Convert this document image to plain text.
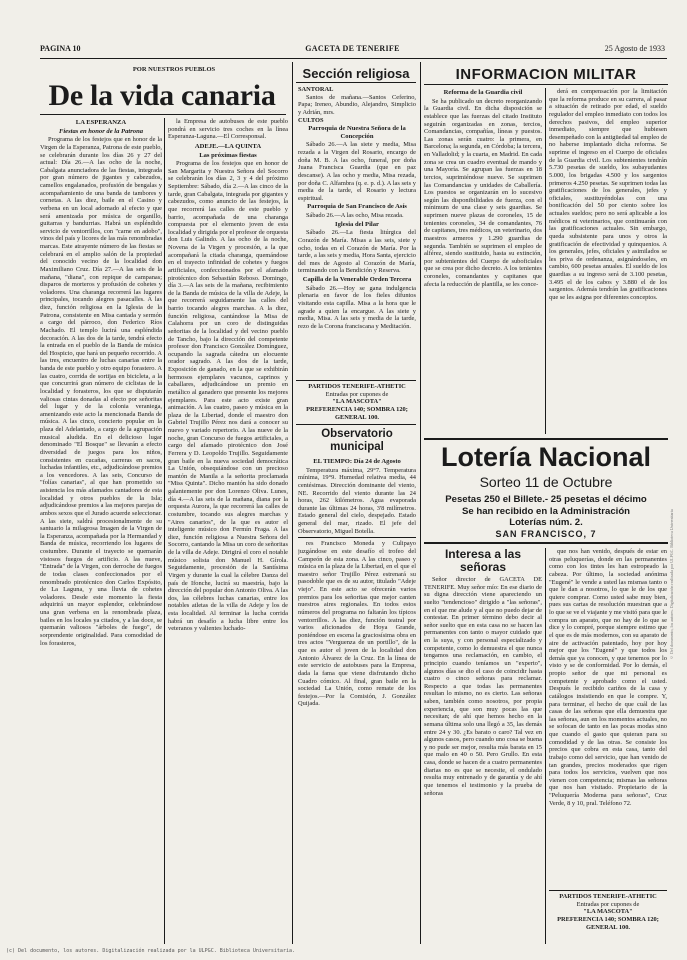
PAGINA 10	GACETA DE TENERIFE	25 Agosto de 1933
POR NUESTROS PUEBLOS
De la vida canaria
LA ESPERANZA
Fiestas en honor de la Patrona

Programa de los festejos que en honor de la Virgen de la Esperanza, Patrona de este pueblo, se celebrarán durante los días 26 y 27 del actual: Día 26.—A las ocho de la noche, Cabalgata anunciadora de las fiestas, integrada por gran número de jigantes y cabezudos, camellos engalanados, profusión de bengalas y acompañamiento de una banda de tambores y cornetas. A las diez, baile en el Casino y verbena en un local adornado al efecto y que será amenizada por música de organillo, guitarras y bandurrias. Habrá un espléndido servicio de ventorrillos, con "carne en adobo", vinos del país y licores de las más renombradas marcas. Este atrayente número de las fiestas se celebrará en el amplio salón de la propiedad del conocido vecino de la localidad don Maximiliano Cruz. Día 27.—A las seis de la mañana, "diana", con repique de campanas; disparos de morteros y profusión de cohetes y voladores. Una charanga recorrerá las lugares principales, tocando alegres pasacalles. A las diez, función religiosa en la Iglesia de la Patrona, consistente en Misa cantada y sermón a cargo del párroco, don Federico Ríos Machado. El templo lucirá una espléndida decoración. A las dos de la tarde, tendrá efecto la entrada en el pueblo de la Banda de música del Hospicio, que hará un pequeño recorrido. A las tres, encuentro de luchas canarias entre la banda de este pueblo y otro equipo forastero. A las cuatro, corrida de sortijas en bicicleta, a la que concurrirá gran número de ciclistas de la localidad y forasteros, los que se disputarán valiosas cintas donadas al efecto por señoritas del lugar y de la colonia veraniega, amenizando este acto la mencionada Banda de música. A las cinco, concierto popular en la plaza del Adelantado, a cargo de la agrupación musical aludida. En el delicioso lugar denominado "El Bosque" se llevarán a efecto diversidad de juegos para los niños, consistentes en cucañas, carreras en sacos, luchadas infantiles, etc., adjudicándose premios a los vencedores. A las seis, Concurso de "folías canarias", al que han prometido su asistencia los más afamados cantadores de esta localidad y otros pueblos de la Isla; adjudicándose premios a las mejores parejas de ambos sexos que el Jurado acuerde seleccionar. A las siete, saldrá procesionalmente de su santuario la milagrosa Imagen de la Virgen de la Esperanza, acompañada por la Hermandad y Banda de música, recorriendo los lugares de costumbre. Durante el trayecto se quemarán vistosos fuegos de artificio. A las nueve, "Entrada" de la Virgen, con derroche de fuegos de todas clases confeccionados por el renombrado pirotécnico don Carlos Expósito, de La Laguna, y una lluvia de cohetes voladores. Desde este momento la fiesta adquirirá un mayor esplendor, celebrándose una gran verbena en la renombrada plaza, bailes en los locales ya citados, y a las doce, se quemarán valiosos "árboles de fuego", de sorprendente originalidad. Para comodidad de los forasteros,

la Empresa de autobuses de este pueblo pondrá en servicio tres coches en la línea Esperanza-Laguna.—El Corresponsal.

ADEJE.—LA QUINTA
Las próximas fiestas

Programa de los festejos que en honor de San Margarita y Nuestra Señora del Socorro se celebrarán los días 2, 3 y 4 del próximo Septiembre: Sábado, día 2.—A las cinco de la tarde, gran Cabalgata, integrada por gigantes y cabezudos, como anuncio de las festejos, la que recorrerá las calles de este pueblo y barrio, acompañada de una charanga compuesta por el elemento joven de esta localidad y dirigida por el profesor de orquesta don Luis Galindo. A las ocho de la noche, Novena de la Virgen y procesión, a la que acompañará la citada charanga, quemándose en el trayecto infinidad de cohetes y fuegos artificiales, confeccionados por el afamado pirotécnico don Sebastián Reboso. Domingo, día 3.—A las seis de la mañana, recibimiento de la Banda de música de la villa de Adeje, la que recorrerá seguidamente las calles del barrio tocando alegres marchas. A la diez, función religiosa, cantándose la Misa de Calahorra por un coro de distinguidas señoritas de la localidad y del vecino pueblo de Tancho, bajo la dirección del competente profesor don Francisco González Domínguez, ocupando la sagrada cátedra un elocuente orador sagrado. A las dos de la tarde, Exposición de ganado, en la que se exhibirán hermosos ejemplares vacunos, caprinos y caballares, adjudicándose un premio en metálico al ganadero que presente los mejores ejemplares. Para este acto existe gran animación. A las cuatro, paseo y música en la plaza de la Libertad, donde el maestro don Gabriel Trujillo Pérez nos dará a conocer su nuevo y variado repertorio. A las nueve de la noche, gran Concurso de fuegos artificiales, a cargo del afamado pirotécnico don José Ferrera y D. Leopoldo Trujillo. Seguidamente gran baile en la nueva sociedad democrática La Unión, obsequiándose con un precioso mantón de Manila a la señorita proclamada "Miss Quinta". Dicho mantón ha sido donado galantemente por don Lorenzo Oliva. Lunes, día 4.—A las seis de la mañana, diana por la orquesta Aurora, la que recorrerá las calles de costumbre, tocando sus alegres marchas y "Aires canarios", de la que es autor el inteligente músico don Fermín Fraga. A las diez, función religiosa a Nuestra Señora del Socorro, cantando la Misa un coro de señoritas de la villa de Adeje. Dirigirá el coro el notable músico solista don Manuel H. Gírola. Seguidamente, procesión de la Santísima Virgen y durante la cual la célebre Danza del país de Ifonche, lucirá su maestría, bajo la dirección del popular don Antonio Oliva. A las dos, las célebres luchas canarias, entre los notables atletas de la villa de Adeje y los de esta localidad. Al terminar la lucha corrida habrá un desafío a lucha libre entre los veteranos y valientes luchado-

Sección religiosa
SANTORAL

Santos de mañana.—Santos Ceferino, Papa; Ireneo, Abundio, Alejandro, Simplicio y Adrián, mrs.

CULTOS
Parroquia de Nuestra Señora de la Concepción

Sábado 26.—A las siete y media, Misa rezada a la Virgen del Rosario, encargo de doña M. B. A las ocho, funeral, por doña Juana Francisca Guardia (que en paz descanse). A las ocho y media, Misa rezada, por doña C. Alfambra (q. e. p. d.). A las seis y media de la tarde, el Rosario y lectura espiritual.

Parroquia de San Francisco de Asís

Sábado 26.—A las ocho, Misa rezada.

Iglesia del Pilar

Sábado 26.—La fiesta litúrgica del Corazón de María. Misas a las seis, siete y ocho, todas en el Corazón de María. Por la tarde, a las seis y media, Hora Santa, ejercicio del mes de Agosto al Corazón de María, terminando con la Bendición y Reserva.

Capilla de la Venerable Orden Tercera

Sábado 26.—Hoy se gana indulgencia plenaria en favor de los fieles difuntos visitando esta capilla. Misa a la hora que le agrade a quien la encargue. A las siete y media, Misa. A las seis y media de la tarde, rezo de la Corona franciscana y Meditación.

PARTIDOS TENERIFE-ATHETIC
Entradas por cupones de
"LA MASCOTA"
PREFERENCIA 140; SOMBRA 120; GENERAL 100.
Observatorio municipal
EL TIEMPO: Día 24 de Agosto

Temperatura máxima, 29°7. Temperatura mínima, 19°9. Humedad relativa media, 44 centésimas. Dirección dominante del viento, NE. Recorrido del viento durante las 24 horas, 262 kilómetros. Agua evaporada durante las últimas 24 horas, 3'8 milímetros. Estado general del cielo, despejado. Estado general del mar, rizado. El jefe del Observatorio, Miguel Botella.

res Francisco Moneda y Culipayo juzgándose en este desafío el trofeo del Campeón de esta zona. A las cinco, paseo y música en la plaza de la Libertad, en el que el maestro señor Trujillo Pérez estrenará su pasodoble que es de su autor, titulado "Adeje viejo". En este acto se ofrecerán varios premios para los señoritas que mejor canten nuestros aires regionales. En todos estos números del programa no faltarán los típicos ventorrillos. A las diez, función teatral por varios aficionados de Hoya Grande, poniéndose en escena la graciosísima obra en tres actos "Verguenza de un portillo", de la que es autor el joven de la localidad don Antonio Álvarez de la Cruz. En la línea de este servicio de autobuses para la Empresa, dada la fama que viene disfrutando dicho Cuadro cómico. Al final, gran baile en la sociedad La Unión, como remate de los festejos.—Por la Comisión, J. González Quijada.

INFORMACION MILITAR
Reforma de la Guardia civil

Se ha publicado un decreto reorganizando la Guardia civil. En dicha disposición se establece que las fuerzas del citado Instituto seguirán organizadas en zonas, tercios, Comandancias, compañías, líneas y puestos. Las zonas serán cuatro: la primera, en Barcelona; la segunda, en Córdoba; la tercera, en Valladolid; y la cuarta, en Madrid. En cada zona se crea un cuadro eventual de mando y una Mayoría. Se agrupan las fuerzas en 18 tercios, suprimiéndose nueve. Se suprimen las Comandancias y unidades de Caballería. Los puestos se organizarán en lo sucesivo según las disponibilidades de fuerza, con el mínimum de una clase y seis guardias. Se suprimen nueve plazas de coroneles, 15 de tenientes coroneles, 34 de comandantes, 76 de capitanes, tres médicos, un veterinario, dos maestros armeros y 1.290 guardias de segunda. También se suprimen el empleo de alférez, siendo sustituido, hasta su extinción, por subtenientes del Cuerpo de suboficiales que se crea por dicho decreto. A los tenientes coroneles, comandantes y capitanes que afecta la reducción de plantilla, se les conce-

derá en compensación por la limitación que la reforma produce en su carrera, al pasar a situación de retirado por edad, el sueldo regulador del empleo inmediato con todos los derechos pasivos, del empleo superior inmediato, siempre que hubiesen desempeñado con la antigüedad tal empleo de no haberse implantado dicha reforma. Se suprime el ingreso en el Cuerpo de oficiales de la Guardia civil. Los subtenientes tendrán 5.730 pesetas de sueldo, los subayudantes 5.000, los brigadas 4.500 y los sargentos primeros 4.250 pesetas. Se suprimen todas las gratificaciones de los generales, jefes y oficiales, sustituyéndolas con una bonificación del 50 por ciento sobre los actuales sueldos; pero no será aplicable a los médicos ni veterinarios, que continuarán con las gratificaciones actuales. Sin embargo, queda subsistente para unos y otros la gratificación de efectividad y quinquenios. A los generales, jefes, oficiales y asimilados se les priva de ordenanza, asignándoseles, en cambio, 600 pesetas anuales. El sueldo de los guardias a su ingreso será de 3.100 pesetas, 3.495 el de los cabos y 3.880 el de los sargentos. Además tendrán las gratificaciones que se les asigna por diferentes conceptos.

Lotería Nacional
Sorteo 11 de Octubre
Pesetas 250 el Billete.- 25 pesetas el décimo
Se han recibido en la Administración
Loterías núm. 2.
SAN FRANCISCO, 7
Interesa a las señoras

Señor director de GACETA DE TENERIFE. Muy señor mío: En ese diario de su digna dirección viene apareciendo un suelto "tendencioso" dirigido a "las señoras", en el que me alude y al que no puedo dejar de contestar. En primer término debo decir al señor suelto que en esta casa no se hacen las permanentes con tanto o mayor cuidado que en la suya, y con personal especializado y competente, como lo demuestra el que nunca tengamos una reclamación, en cambio, el principio cuando teníamos un "experto", algunos días se dio el caso de coincidir hasta cuatro o cinco señoras para reclamar. Respecto a que todas las permanentes resultan lo mismo, no es cierto. Las señoras saben, también como nosotros, por propia experiencia, que son muy pocas las que necesitan; de ahí que hemos hecho en la semana última solo una llegó a 35, las demás entre 24 y 30. ¿Es barato o caro? Tal vez en algunos casos, pero cuando uno cosa se buena y no pude ser mejor, resulta más barata en 15 que malo en 40 o 50. Pero Grullo. En esta casa, donde se hacen de a cuatro permanentes diarias no es que se necesite, el ondulado resulta muy entrenado y de garantía y de ahí que tenemos el testimonio y la prueba de señoras

que nos han venido, después de estar en otras peluquerías, donde en las permanentes como con los tintes les han estropeado la cabeza. Por último, la sociedad anónima "Eugené" le vende a usted las mismas tanto o que le dan a nosotros, lo que le de los que quiere comprar. Como usted sabe muy bien, pues sus cartas de resolución muestran que a lo que se ve el viajante y me visitó para que le compra un aparato, que no hay de lo que se dice y lo compré, porque siempre estimo que el que es de más modernos, con su aparato de aire de activación patentado, hoy por hoy mejor que los "Eugené" y que todos los demás que ya conocen, y que tenemos por lo visto y se de conformidad. Por lo demás, el propio señor de que mi personal es competente y aprobado como el usted. Después le recibido cariños de la casa y catálogos insistiendo en que le compre. Y, para terminar, el hecho de que cuál de las casas de las señoras que ella demuestra que las señoras, aun en los momentos actuales, no se sofocan de tanto en las pocas modas sino que cuando el gasto que quieran para su comodidad y de las otras. Se consiste los precios que cobra en esta casa, tanto del trabajo como del servicio, que han venido de tan grandes, precios moderados que rigen para todos los servicios, vuelven que nos vienen con competencia; mismas las señoras que nos han visitado. Propietario de la "Peluquería Moderna para señoras", Cruz Verde, 8 y 10, pral. Teléfono 72.

PARTIDOS TENERIFE-ATHETIC
Entradas por cupones de
"LA MASCOTA"
PREFERENCIA 140; SOMBRA 120; GENERAL 100.
© Del documento, los autores. Digitalización realizada por ULPGC. Biblioteca Universitaria
(c) Del documento, los autores. Digitalización realizada por la ULPGC. Biblioteca Universitaria.
